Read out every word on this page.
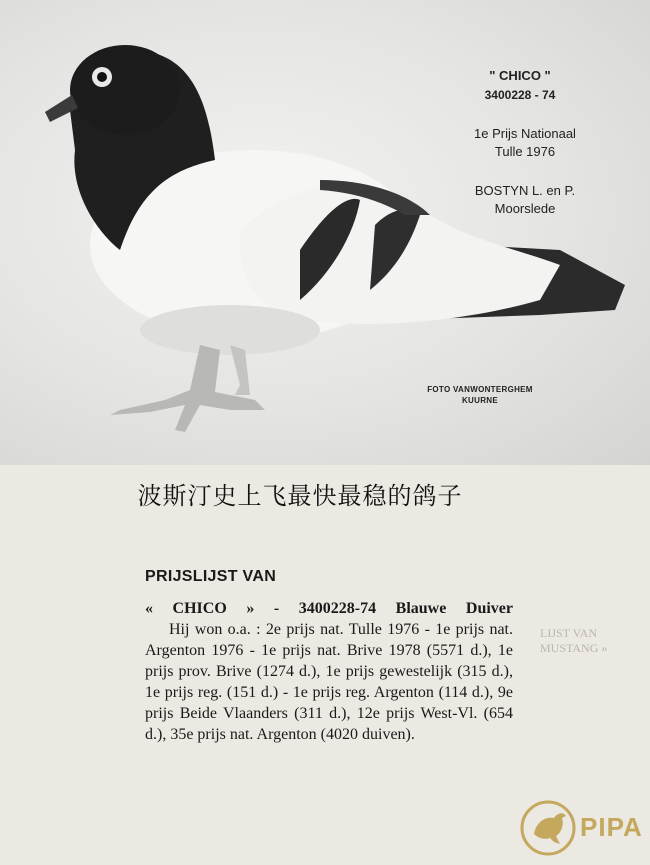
" CHICO "
3400228 - 74
1e Prijs Nationaal
Tulle 1976
BOSTYN L. en P.
Moorslede
FOTO VANWONTERGHEM
KUURNE
波斯汀史上飞最快最稳的鸽子
PRIJSLIJST VAN
« CHICO » - 3400228-74 Blauwe Duiver
Hij won o.a. : 2e prijs nat. Tulle 1976 - 1e prijs nat. Argenton 1976 - 1e prijs nat. Brive 1978 (5571 d.), 1e prijs prov. Brive (1274 d.), 1e prijs gewestelijk (315 d.), 1e prijs reg. (151 d.) - 1e prijs reg. Argenton (114 d.), 9e prijs Beide Vlaanders (311 d.), 12e prijs West-Vl. (654 d.), 35e prijs nat. Argenton (4020 duiven).
LIJST VAN
MUSTANG »

PIPA
